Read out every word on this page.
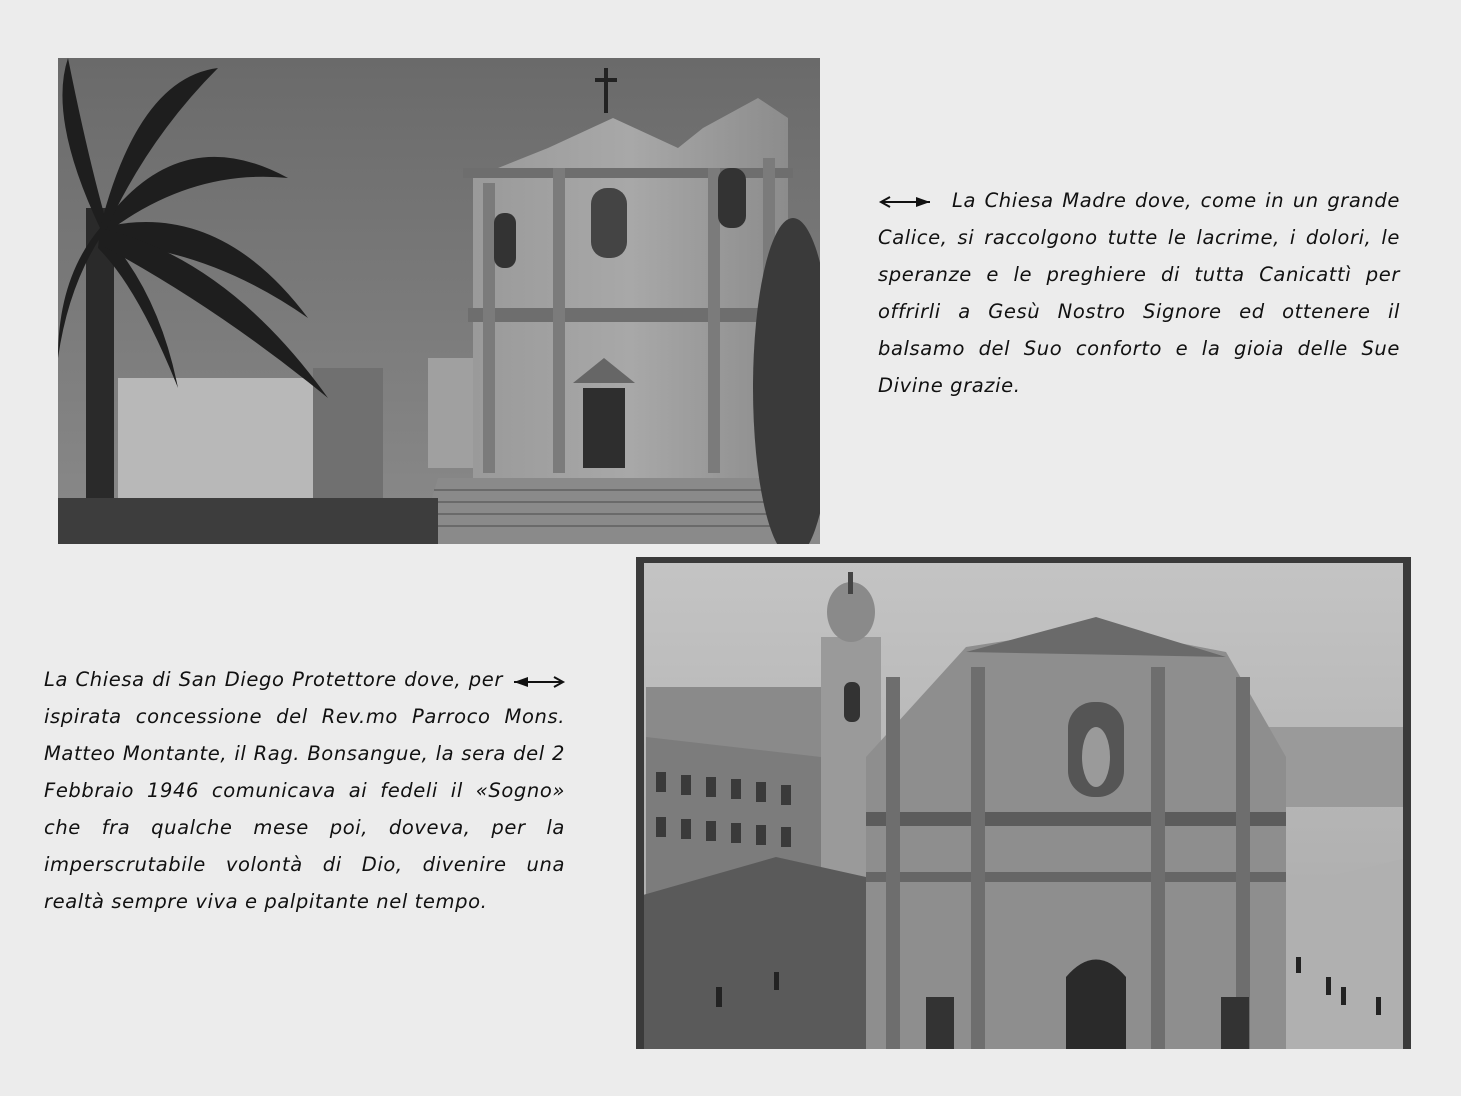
La Chiesa Madre dove, come in un grande Calice, si raccolgono tutte le lacrime, i dolori, le speranze e le preghiere di tutta Canicattì per offrirli a Gesù Nostro Signore ed ottenere il balsamo del Suo conforto e la gioia delle Sue Divine grazie.
La Chiesa di San Diego Protettore dove, per ispirata concessione del Rev.mo Parroco Mons. Matteo Montante, il Rag. Bonsangue, la sera del 2 Febbraio 1946 comunicava ai fedeli il «Sogno» che fra qualche mese poi, doveva, per la imperscrutabile volontà di Dio, divenire una realtà sempre viva e palpitante nel tempo.
